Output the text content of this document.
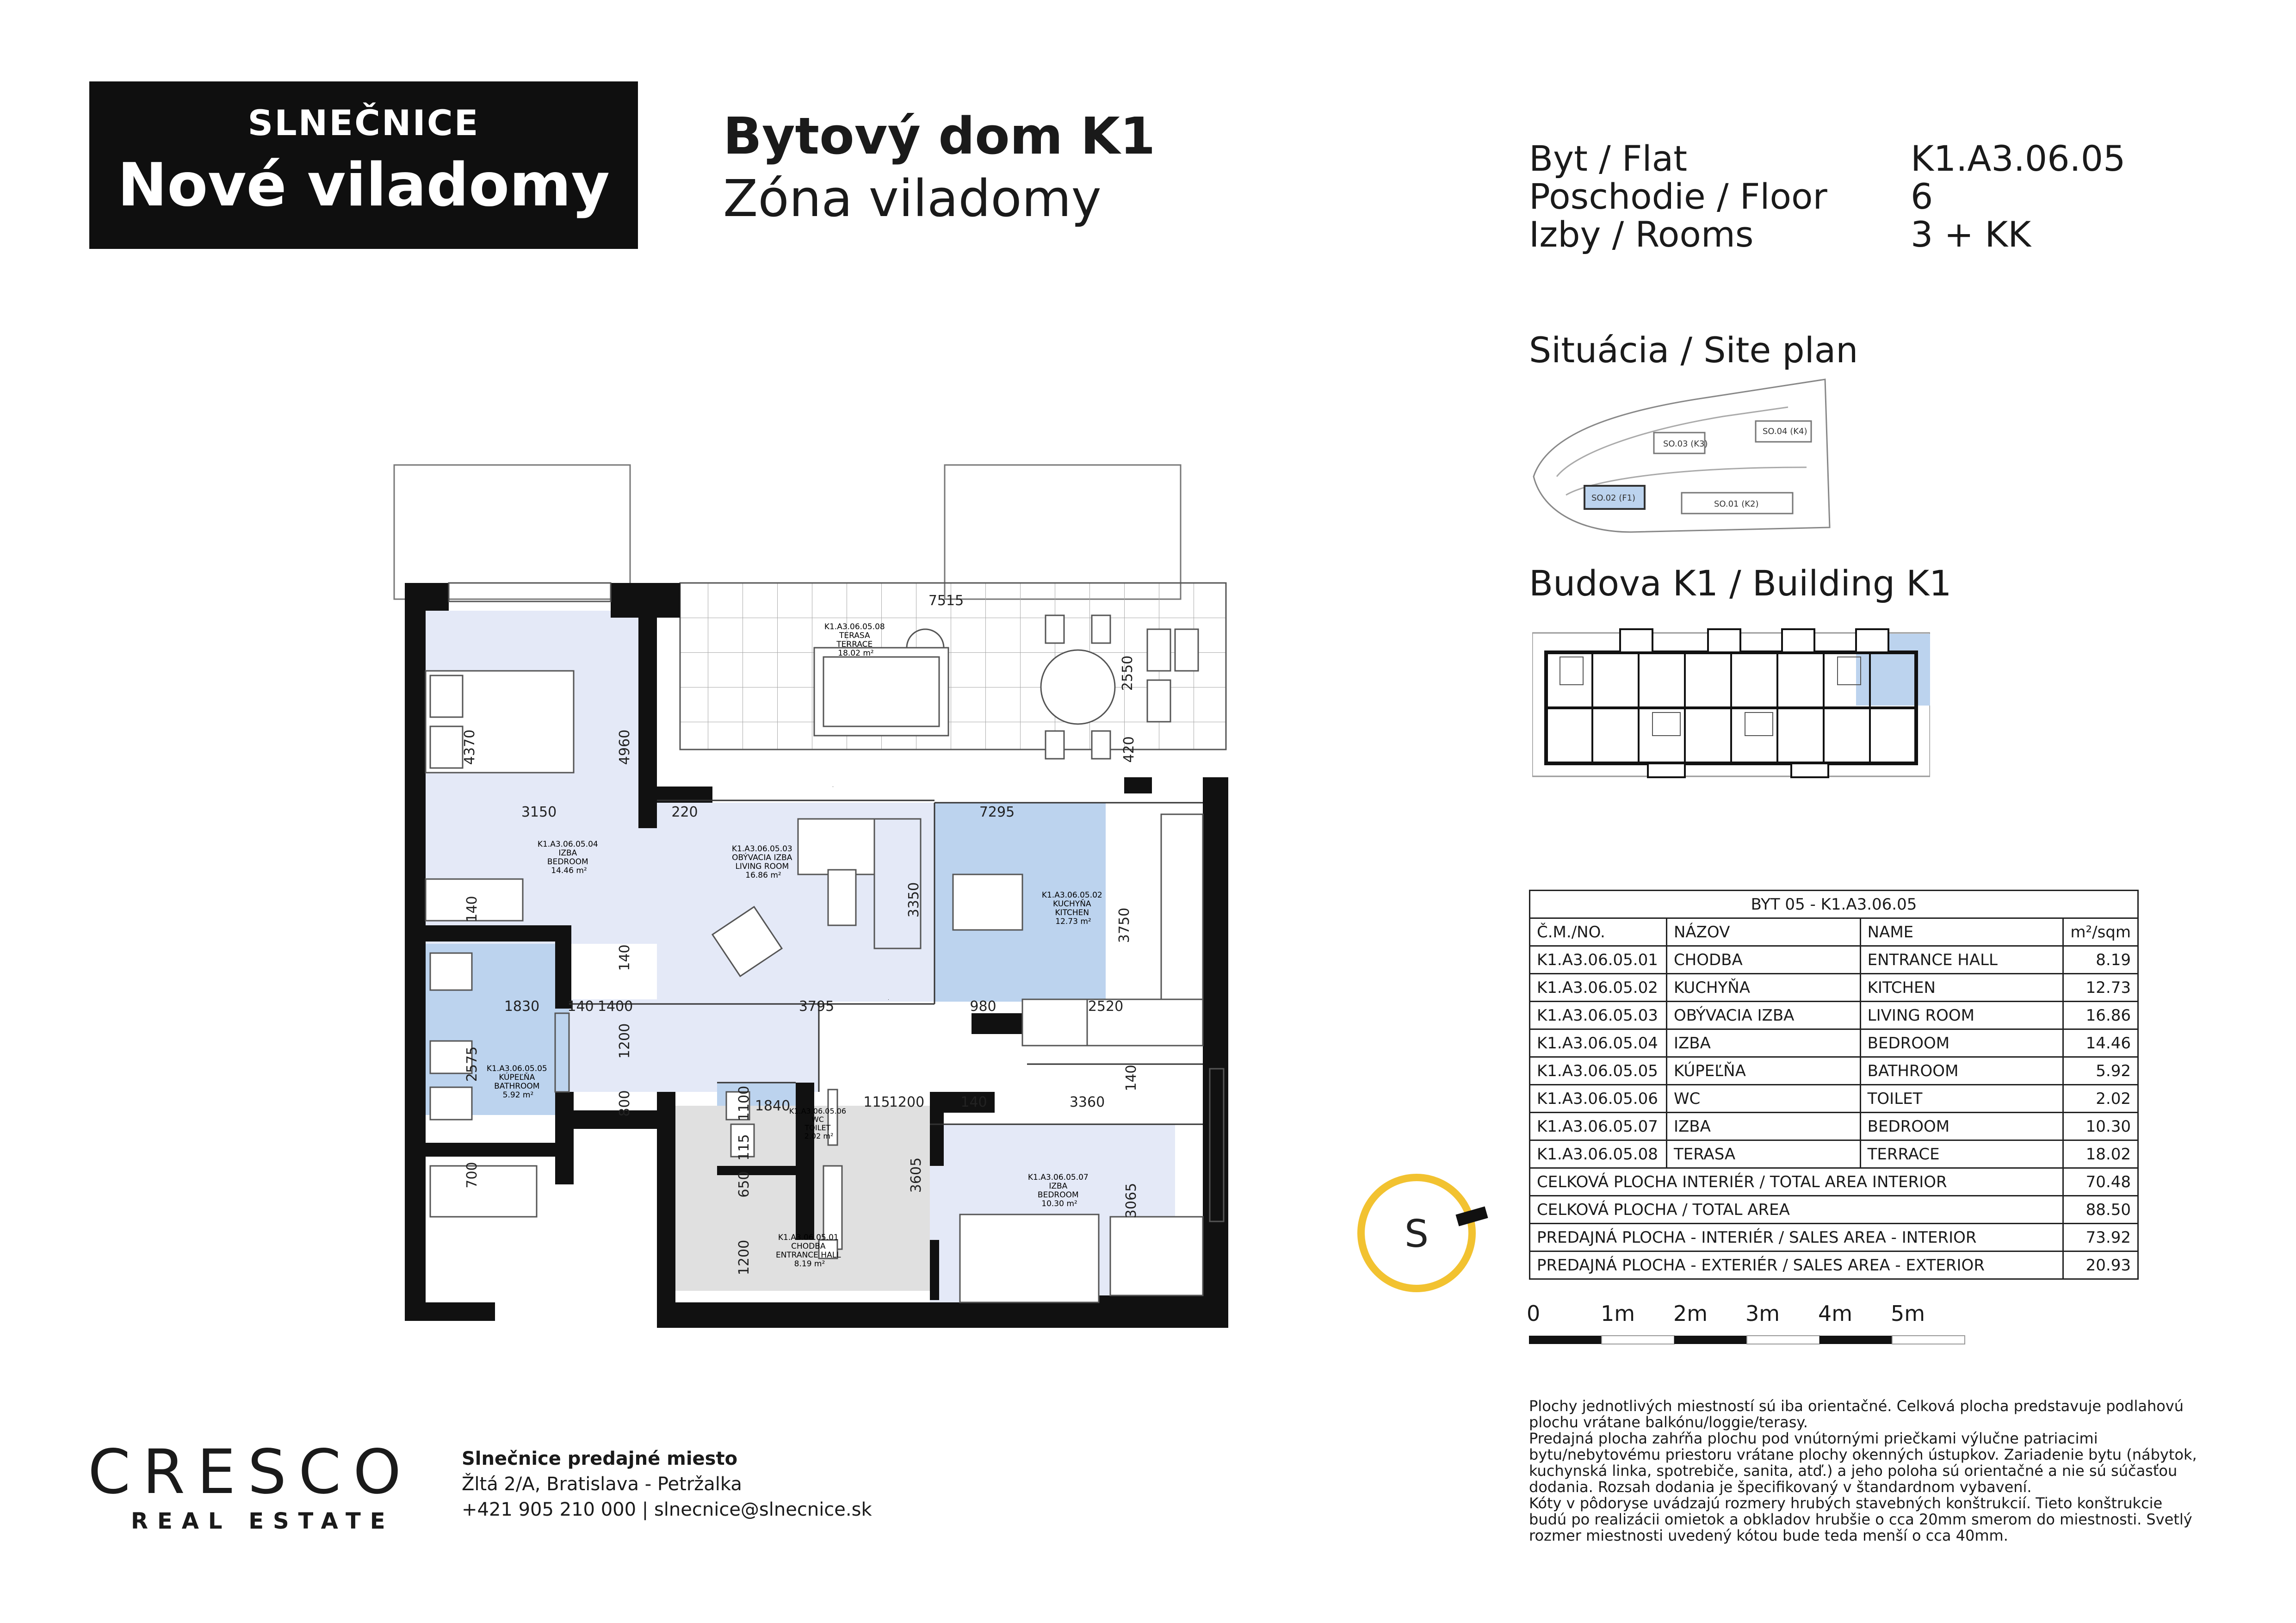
SLNEČNICE
Nové viladomy
Bytový dom K1
Zóna viladomy
Byt / Flat	K1.A3.06.05
Poschodie / Floor 6
Izby / Rooms	3 + KK
Situácia / Site plan
SO.03 (K3)
SO.04 (K4)
SO.02 (F1)
SO.01 (K2)
Budova K1 / Building K1
K1.A3.06.05.08 TERASA TERRACE 18.02 m²
K1.A3.06.05.04 IZBA BEDROOM 14.46 m²
K1.A3.06.05.03 OBÝVACIA IZBA LIVING ROOM 16.86 m²
K1.A3.06.05.02 KUCHYŇA KITCHEN 12.73 m²
K1.A3.06.05.05 KÚPEĽŇA BATHROOM 5.92 m²
K1.A3.06.05.06 WC TOILET 2.02 m²
K1.A3.06.05.07 IZBA BEDROOM 10.30 m²
K1.A3.06.05.01 CHODBA ENTRANCE HALL 8.19 m²
7515
2550
420
4370	4960
3150	220	7295
3350
3750
140
140
1830 140 1400	3795	980	2520
1200
2575
800
700
1100 1840	115
1200
115
140	3360
140
650	3605
3065
1200
BYT 05 - K1.A3.06.05			
Č.M./NO.	NÁZOV	NAME	m²/sqm
K1.A3.06.05.01	CHODBA	ENTRANCE HALL	8.19
K1.A3.06.05.02	KUCHYŇA	KITCHEN	12.73
K1.A3.06.05.03	OBÝVACIA IZBA	LIVING ROOM	16.86
K1.A3.06.05.04	IZBA	BEDROOM	14.46
K1.A3.06.05.05	KÚPEĽŇA	BATHROOM	5.92
K1.A3.06.05.06	WC	TOILET	2.02
K1.A3.06.05.07	IZBA	BEDROOM	10.30
K1.A3.06.05.08	TERASA	TERRACE	18.02
CELKOVÁ PLOCHA INTERIÉR / TOTAL AREA INTERIOR			70.48
CELKOVÁ PLOCHA / TOTAL AREA			88.50
PREDAJNÁ PLOCHA - INTERIÉR / SALES AREA - INTERIOR			73.92
PREDAJNÁ PLOCHA - EXTERIÉR / SALES AREA - EXTERIOR			20.93
S
0	1m 2m 3m 4m 5m

Plochy jednotlivých miestností sú iba orientačné. Celková plocha predstavuje podlahovú

plochu vrátane balkónu/loggie/terasy.

Predajná plocha zahŕňa plochu pod vnútornými priečkami výlučne patriacimi

bytu/nebytovému priestoru vrátane plochy okenných ústupkov. Zariadenie bytu (nábytok,

kuchynská linka, spotrebiče, sanita, atď.) a jeho poloha sú orientačné a nie sú súčasťou

dodania. Rozsah dodania je špecifikovaný v štandardnom vybavení.

Kóty v pôdoryse uvádzajú rozmery hrubých stavebných konštrukcií. Tieto konštrukcie

budú po realizácii omietok a obkladov hrubšie o cca 20mm smerom do miestnosti. Svetlý

rozmer miestnosti uvedený kótou bude teda menší o cca 40mm.

CRESCO
REAL ESTATE
Slnečnice predajné miesto
Žltá 2/A, Bratislava - Petržalka
+421 905 210 000 | slnecnice@slnecnice.sk
